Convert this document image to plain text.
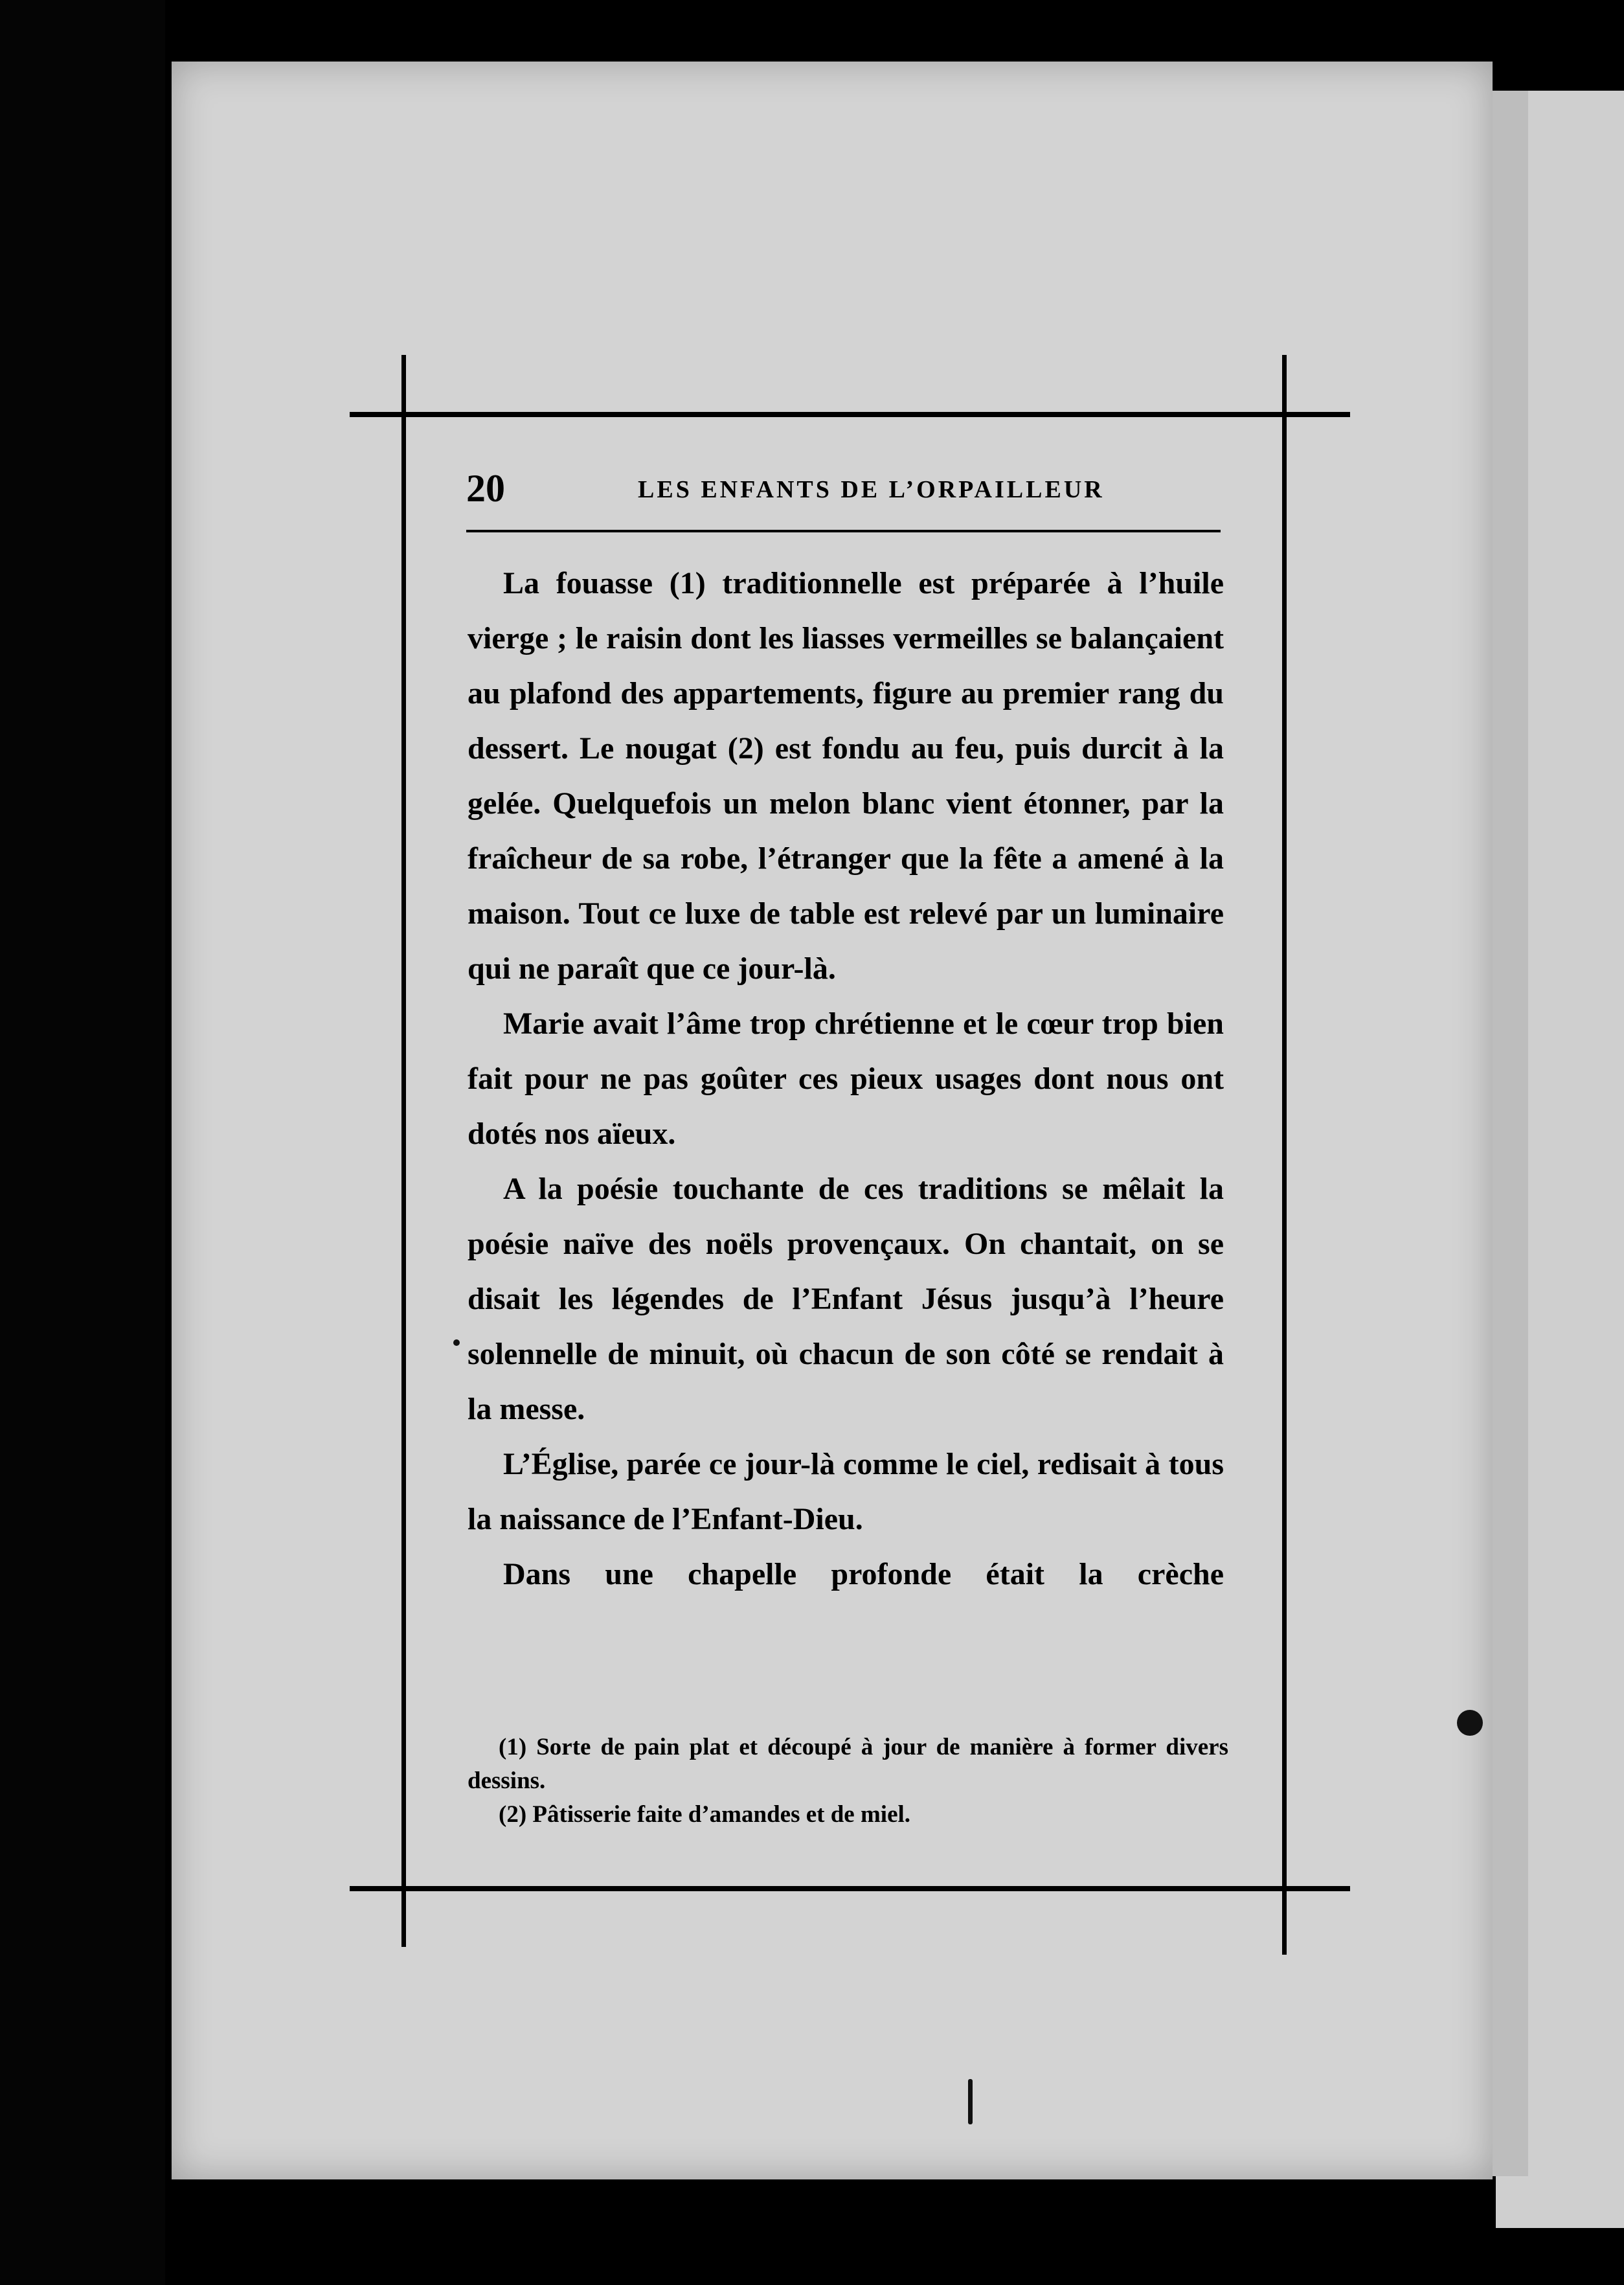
20	LES ENFANTS DE L’ORPAILLEUR

La fouasse (1) traditionnelle est préparée à l’huile vierge ; le raisin dont les liasses vermeilles se balançaient au plafond des appartements, figure au premier rang du dessert. Le nougat (2) est fondu au feu, puis durcit à la gelée. Quelquefois un melon blanc vient étonner, par la fraîcheur de sa robe, l’étranger que la fête a amené à la maison. Tout ce luxe de table est relevé par un luminaire qui ne paraît que ce jour-là.

Marie avait l’âme trop chrétienne et le cœur trop bien fait pour ne pas goûter ces pieux usages dont nous ont dotés nos aïeux.

A la poésie touchante de ces traditions se mêlait la poésie naïve des noëls provençaux. On chantait, on se disait les légendes de l’Enfant Jésus jusqu’à l’heure solennelle de minuit, où chacun de son côté se rendait à la messe.

L’Église, parée ce jour-là comme le ciel, redisait à tous la naissance de l’Enfant-Dieu.

Dans une chapelle profonde était la crèche

(1) Sorte de pain plat et découpé à jour de manière à former divers dessins.

(2) Pâtisserie faite d’amandes et de miel.
